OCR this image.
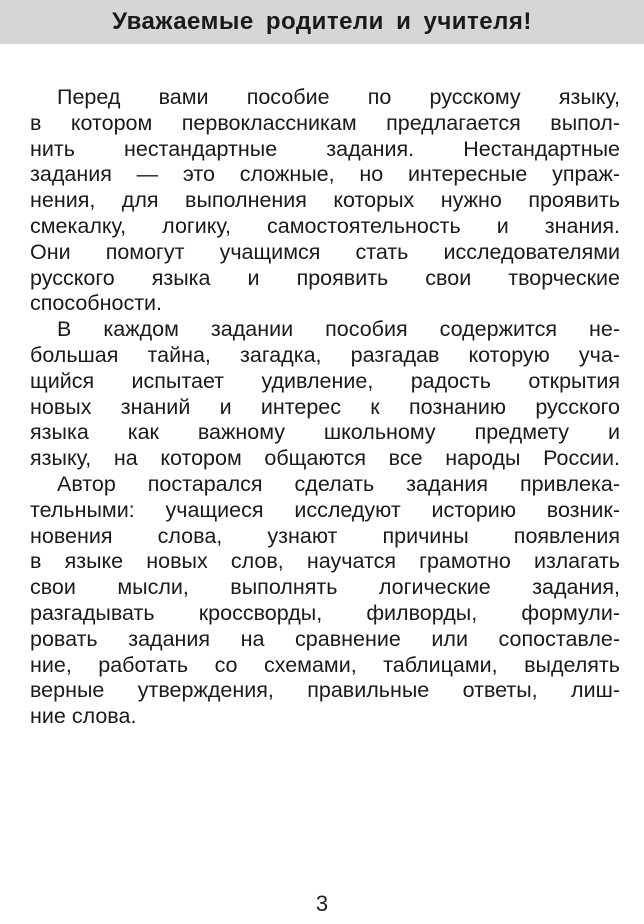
Уважаемые родители и учителя!
Перед вами пособие по русскому языку,
в котором первоклассникам предлагается выпол-
нить нестандартные задания. Нестандартные
задания — это сложные, но интересные упраж-
нения, для выполнения которых нужно проявить
смекалку, логику, самостоятельность и знания.
Они помогут учащимся стать исследователями
русского языка и проявить свои творческие
способности.
В каждом задании пособия содержится не-
большая тайна, загадка, разгадав которую уча-
щийся испытает удивление, радость открытия
новых знаний и интерес к познанию русского
языка как важному школьному предмету и
языку, на котором общаются все народы России.
Автор постарался сделать задания привлека-
тельными: учащиеся исследуют историю возник-
новения слова, узнают причины появления
в языке новых слов, научатся грамотно излагать
свои мысли, выполнять логические задания,
разгадывать кроссворды, филворды, формули-
ровать задания на сравнение или сопоставле-
ние, работать со схемами, таблицами, выделять
верные утверждения, правильные ответы, лиш-
ние слова.
3
